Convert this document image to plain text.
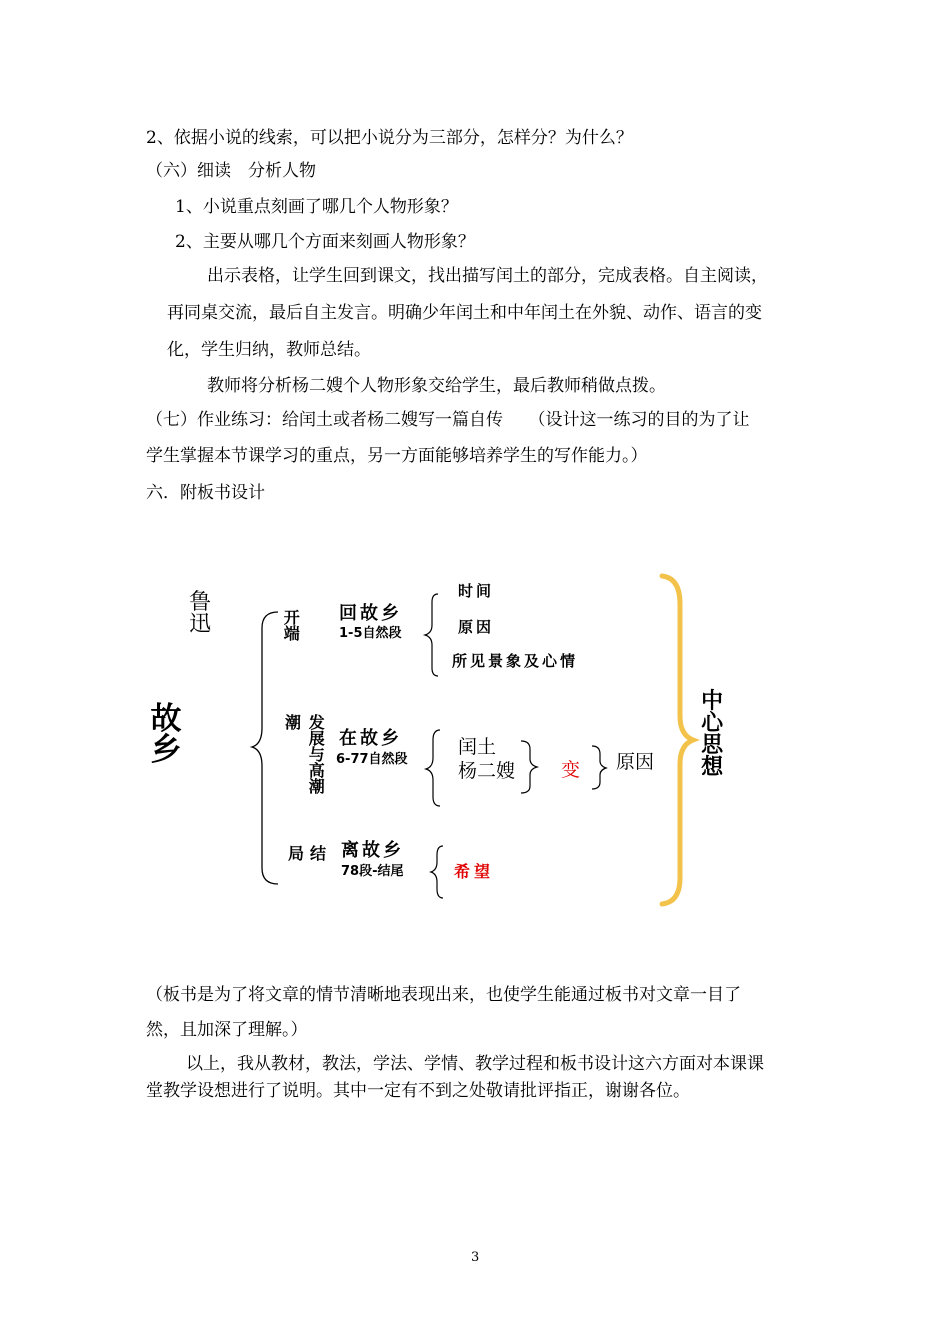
2、依据小说的线索，可以把小说分为三部分，怎样分？为什么？
（六）细读　分析人物
1、小说重点刻画了哪几个人物形象？
2、主要从哪几个方面来刻画人物形象？
出示表格，让学生回到课文，找出描写闰土的部分，完成表格。自主阅读，
再同桌交流，最后自主发言。明确少年闰土和中年闰土在外貌、动作、语言的变
化，学生归纳，教师总结。
教师将分析杨二嫂个人物形象交给学生，最后教师稍做点拨。
（七）作业练习：给闰土或者杨二嫂写一篇自传　　（设计这一练习的目的为了让
学生掌握本节课学习的重点，另一方面能够培养学生的写作能力。）
六．附板书设计
鲁迅
故乡
开端
回故乡
1-5自然段
时间
原因
所见景象及心情
潮 发展与高潮
在故乡
6-77自然段
闰土
杨二嫂 变 原因
局结 离故乡
78段-结尾	希望
中心思想
（板书是为了将文章的情节清晰地表现出来，也使学生能通过板书对文章一目了
然，且加深了理解。）
以上，我从教材，教法，学法、学情、教学过程和板书设计这六方面对本课课
堂教学设想进行了说明。其中一定有不到之处敬请批评指正，谢谢各位。
3
